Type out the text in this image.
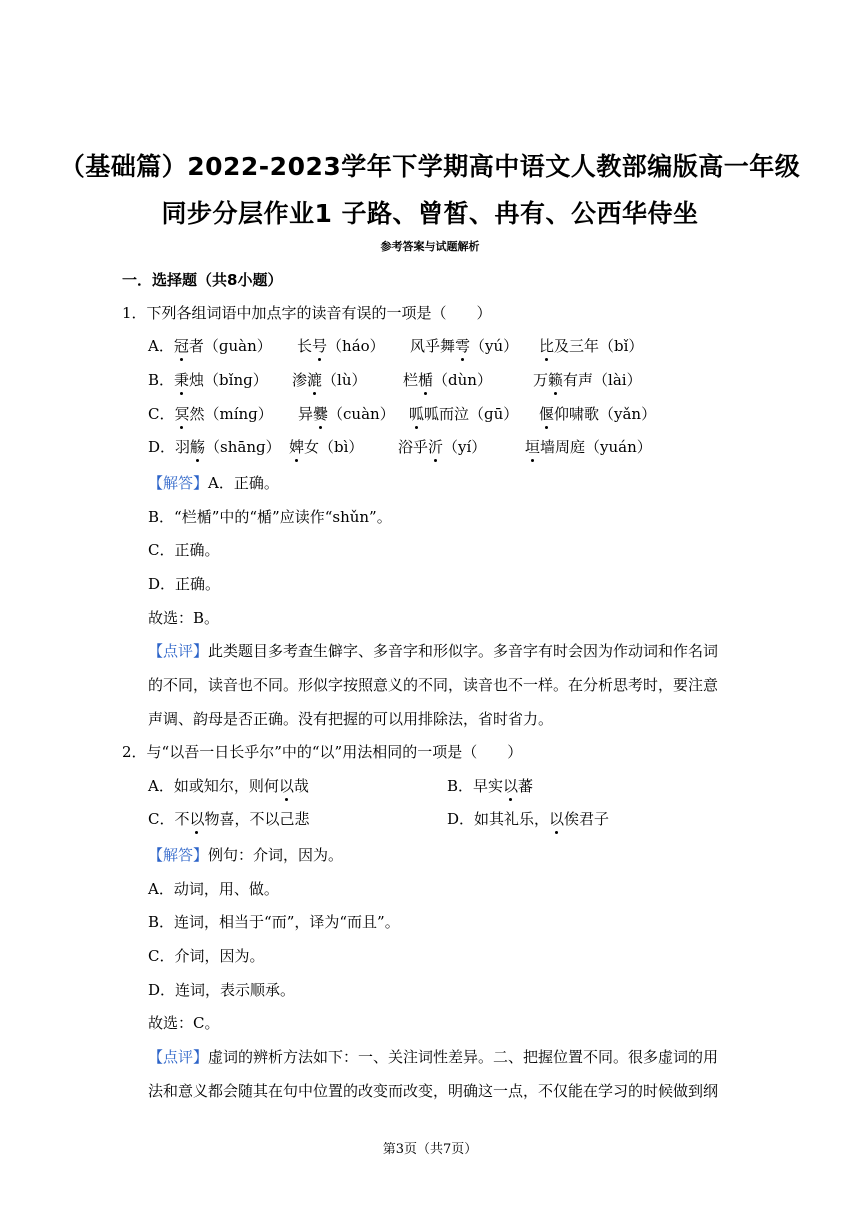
（基础篇）2022-2023学年下学期高中语文人教部编版高一年级
同步分层作业1 子路、曾皙、冉有、公西华侍坐
参考答案与试题解析
一．选择题（共8小题）
1．下列各组词语中加点字的读音有误的一项是（　　）
A．冠者（ɡuàn） 长号（háo） 风乎舞雩（yú） 比及三年（bǐ）
B．秉烛（bǐnɡ） 渗漉（lù） 栏楯（dùn）	万籁有声（lài）
C．冥然（mínɡ） 异爨（cuàn） 呱呱而泣（ɡū） 偃仰啸歌（yǎn）
D．羽觞（shānɡ） 婢女（bì） 浴乎沂（yí）	垣墙周庭（yuán）
【解答】A．正确。
B．“栏楯”中的“楯”应读作“shǔn”。
C．正确。
D．正确。
故选：B。
【点评】此类题目多考查生僻字、多音字和形似字。多音字有时会因为作动词和作名词
的不同，读音也不同。形似字按照意义的不同，读音也不一样。在分析思考时，要注意
声调、韵母是否正确。没有把握的可以用排除法，省时省力。
2．与“以吾一日长乎尔”中的“以”用法相同的一项是（　　）
A．如或知尔，则何以哉	B．早实以蕃
C．不以物喜，不以己悲	D．如其礼乐，以俟君子
【解答】例句：介词，因为。
A．动词，用、做。
B．连词，相当于“而”，译为“而且”。
C．介词，因为。
D．连词，表示顺承。
故选：C。
【点评】虚词的辨析方法如下：一、关注词性差异。二、把握位置不同。很多虚词的用
法和意义都会随其在句中位置的改变而改变，明确这一点，不仅能在学习的时候做到纲
第3页（共7页）
